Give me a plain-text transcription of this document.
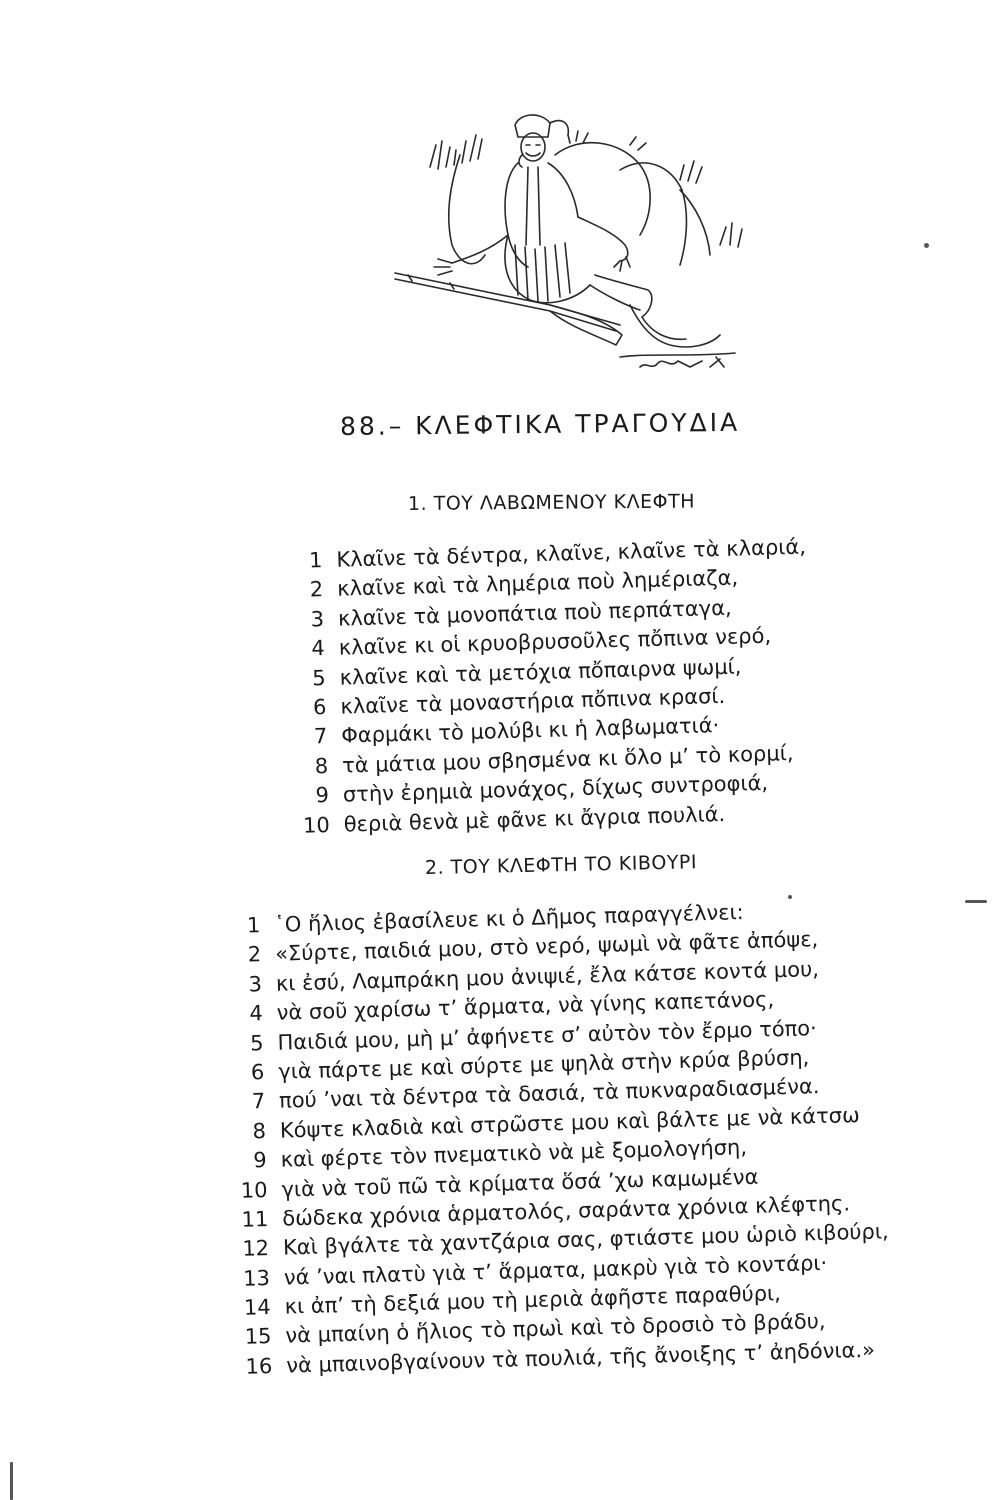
88.– ΚΛΕΦΤΙΚΑ ΤΡΑΓΟΥΔΙΑ
1. ΤΟΥ ΛΑΒΩΜΕΝΟΥ ΚΛΕΦΤΗ
1 Κλαῖνε τὰ δέντρα, κλαῖνε, κλαῖνε τὰ κλαριά,
2 κλαῖνε καὶ τὰ λημέρια ποὺ λημέριαζα,
3 κλαῖνε τὰ μονοπάτια ποὺ περπάταγα,
4 κλαῖνε κι οἱ κρυοβρυσοῦλες πὄπινα νερό,
5 κλαῖνε καὶ τὰ μετόχια πὄπαιρνα ψωμί,
6 κλαῖνε τὰ μοναστήρια πὄπινα κρασί.
7 Φαρμάκι τὸ μολύβι κι ἡ λαβωματιά·
8 τὰ μάτια μου σβησμένα κι ὅλο μ’ τὸ κορμί,
9 στὴν ἐρημιὰ μονάχος, δίχως συντροφιά,
10 θεριὰ θενὰ μὲ φᾶνε κι ἄγρια πουλιά.
2. ΤΟΥ ΚΛΕΦΤΗ ΤΟ ΚΙΒΟΥΡΙ
1 ῾Ο ἥλιος ἐβασίλευε κι ὁ Δῆμος παραγγέλνει:
2 «Σύρτε, παιδιά μου, στὸ νερό, ψωμὶ νὰ φᾶτε ἀπόψε,
3 κι ἐσύ, Λαμπράκη μου ἀνιψιέ, ἔλα κάτσε κοντά μου,
4 νὰ σοῦ χαρίσω τ’ ἅρματα, νὰ γίνης καπετάνος,
5 Παιδιά μου, μὴ μ’ ἀφήνετε σ’ αὐτὸν τὸν ἔρμο τόπο·
6 γιὰ πάρτε με καὶ σύρτε με ψηλὰ στὴν κρύα βρύση,
7 πού ’ναι τὰ δέντρα τὰ δασιά, τὰ πυκναραδιασμένα.
8 Κόψτε κλαδιὰ καὶ στρῶστε μου καὶ βάλτε με νὰ κάτσω
9 καὶ φέρτε τὸν πνεματικὸ νὰ μὲ ξομολογήση,
10 γιὰ νὰ τοῦ πῶ τὰ κρίματα ὅσά ’χω καμωμένα
11 δώδεκα χρόνια ἁρματολός, σαράντα χρόνια κλέφτης.
12 Καὶ βγάλτε τὰ χαντζάρια σας, φτιάστε μου ὡριὸ κιβούρι,
13 νά ’ναι πλατὺ γιὰ τ’ ἅρματα, μακρὺ γιὰ τὸ κοντάρι·
14 κι ἀπ’ τὴ δεξιά μου τὴ μεριὰ ἀφῆστε παραθύρι,
15 νὰ μπαίνη ὁ ἥλιος τὸ πρωὶ καὶ τὸ δροσιὸ τὸ βράδυ,
16 νὰ μπαινοβγαίνουν τὰ πουλιά, τῆς ἄνοιξης τ’ ἀηδόνια.»
